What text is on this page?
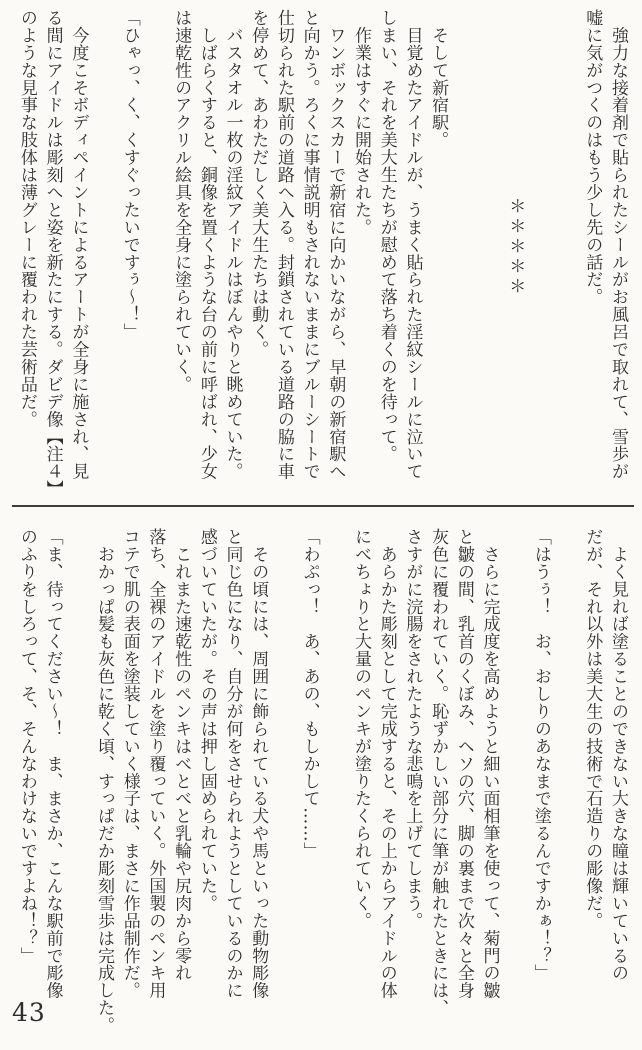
　強力な接着剤で貼られたシールがお風呂で取れて、雪歩が
嘘に気がつくのはもう少し先の話だ。
＊＊＊＊＊
　そして新宿駅。
　目覚めたアイドルが、うまく貼られた淫紋シールに泣いて
しまい、それを美大生たちが慰めて落ち着くのを待って。
　作業はすぐに開始された。
　ワンボックスカーで新宿に向かいながら、早朝の新宿駅へ
と向かう。ろくに事情説明もされないままにブルーシートで
仕切られた駅前の道路へ入る。封鎖されている道路の脇に車
を停めて、あわただしく美大生たちは動く。
　バスタオル一枚の淫紋アイドルはぼんやりと眺めていた。
　しばらくすると、銅像を置くような台の前に呼ばれ、少女
は速乾性のアクリル絵具を全身に塗られていく。
「ひゃっ、く、くすぐったいですぅ～！」
　今度こそボディペイントによるアートが全身に施され、見
る間にアイドルは彫刻へと姿を新たにする。ダビデ像【注４】
のような見事な肢体は薄グレーに覆われた芸術品だ。
　よく見れば塗ることのできない大きな瞳は輝いているの
だが、それ以外は美大生の技術で石造りの彫像だ。
「はうぅ！　お、おしりのあなまで塗るんですかぁ！？」
　さらに完成度を高めようと細い面相筆を使って、菊門の皺
と皺の間、乳首のくぼみ、ヘソの穴、脚の裏まで次々と全身
灰色に覆われていく。恥ずかしい部分に筆が触れたときには、
さすがに浣腸をされたような悲鳴を上げてしまう。
　あらかた彫刻として完成すると、その上からアイドルの体
にべちょりと大量のペンキが塗りたくられていく。
「わぷっ！　あ、あの、もしかして……」
　その頃には、周囲に飾られている犬や馬といった動物彫像
と同じ色になり、自分が何をさせられようとしているのかに
感づいていたが。その声は押し固められていた。
　これまた速乾性のペンキはべとべと乳輪や尻肉から零れ
落ち、全裸のアイドルを塗り覆っていく。外国製のペンキ用
コテで肌の表面を塗装していく様子は、まさに作品制作だ。
　おかっぱ髪も灰色に乾く頃、すっぱだか彫刻雪歩は完成した。
「ま、待ってください～！　ま、まさか、こんな駅前で彫像
のふりをしろって、そ、そんなわけないですよね！？」
43
